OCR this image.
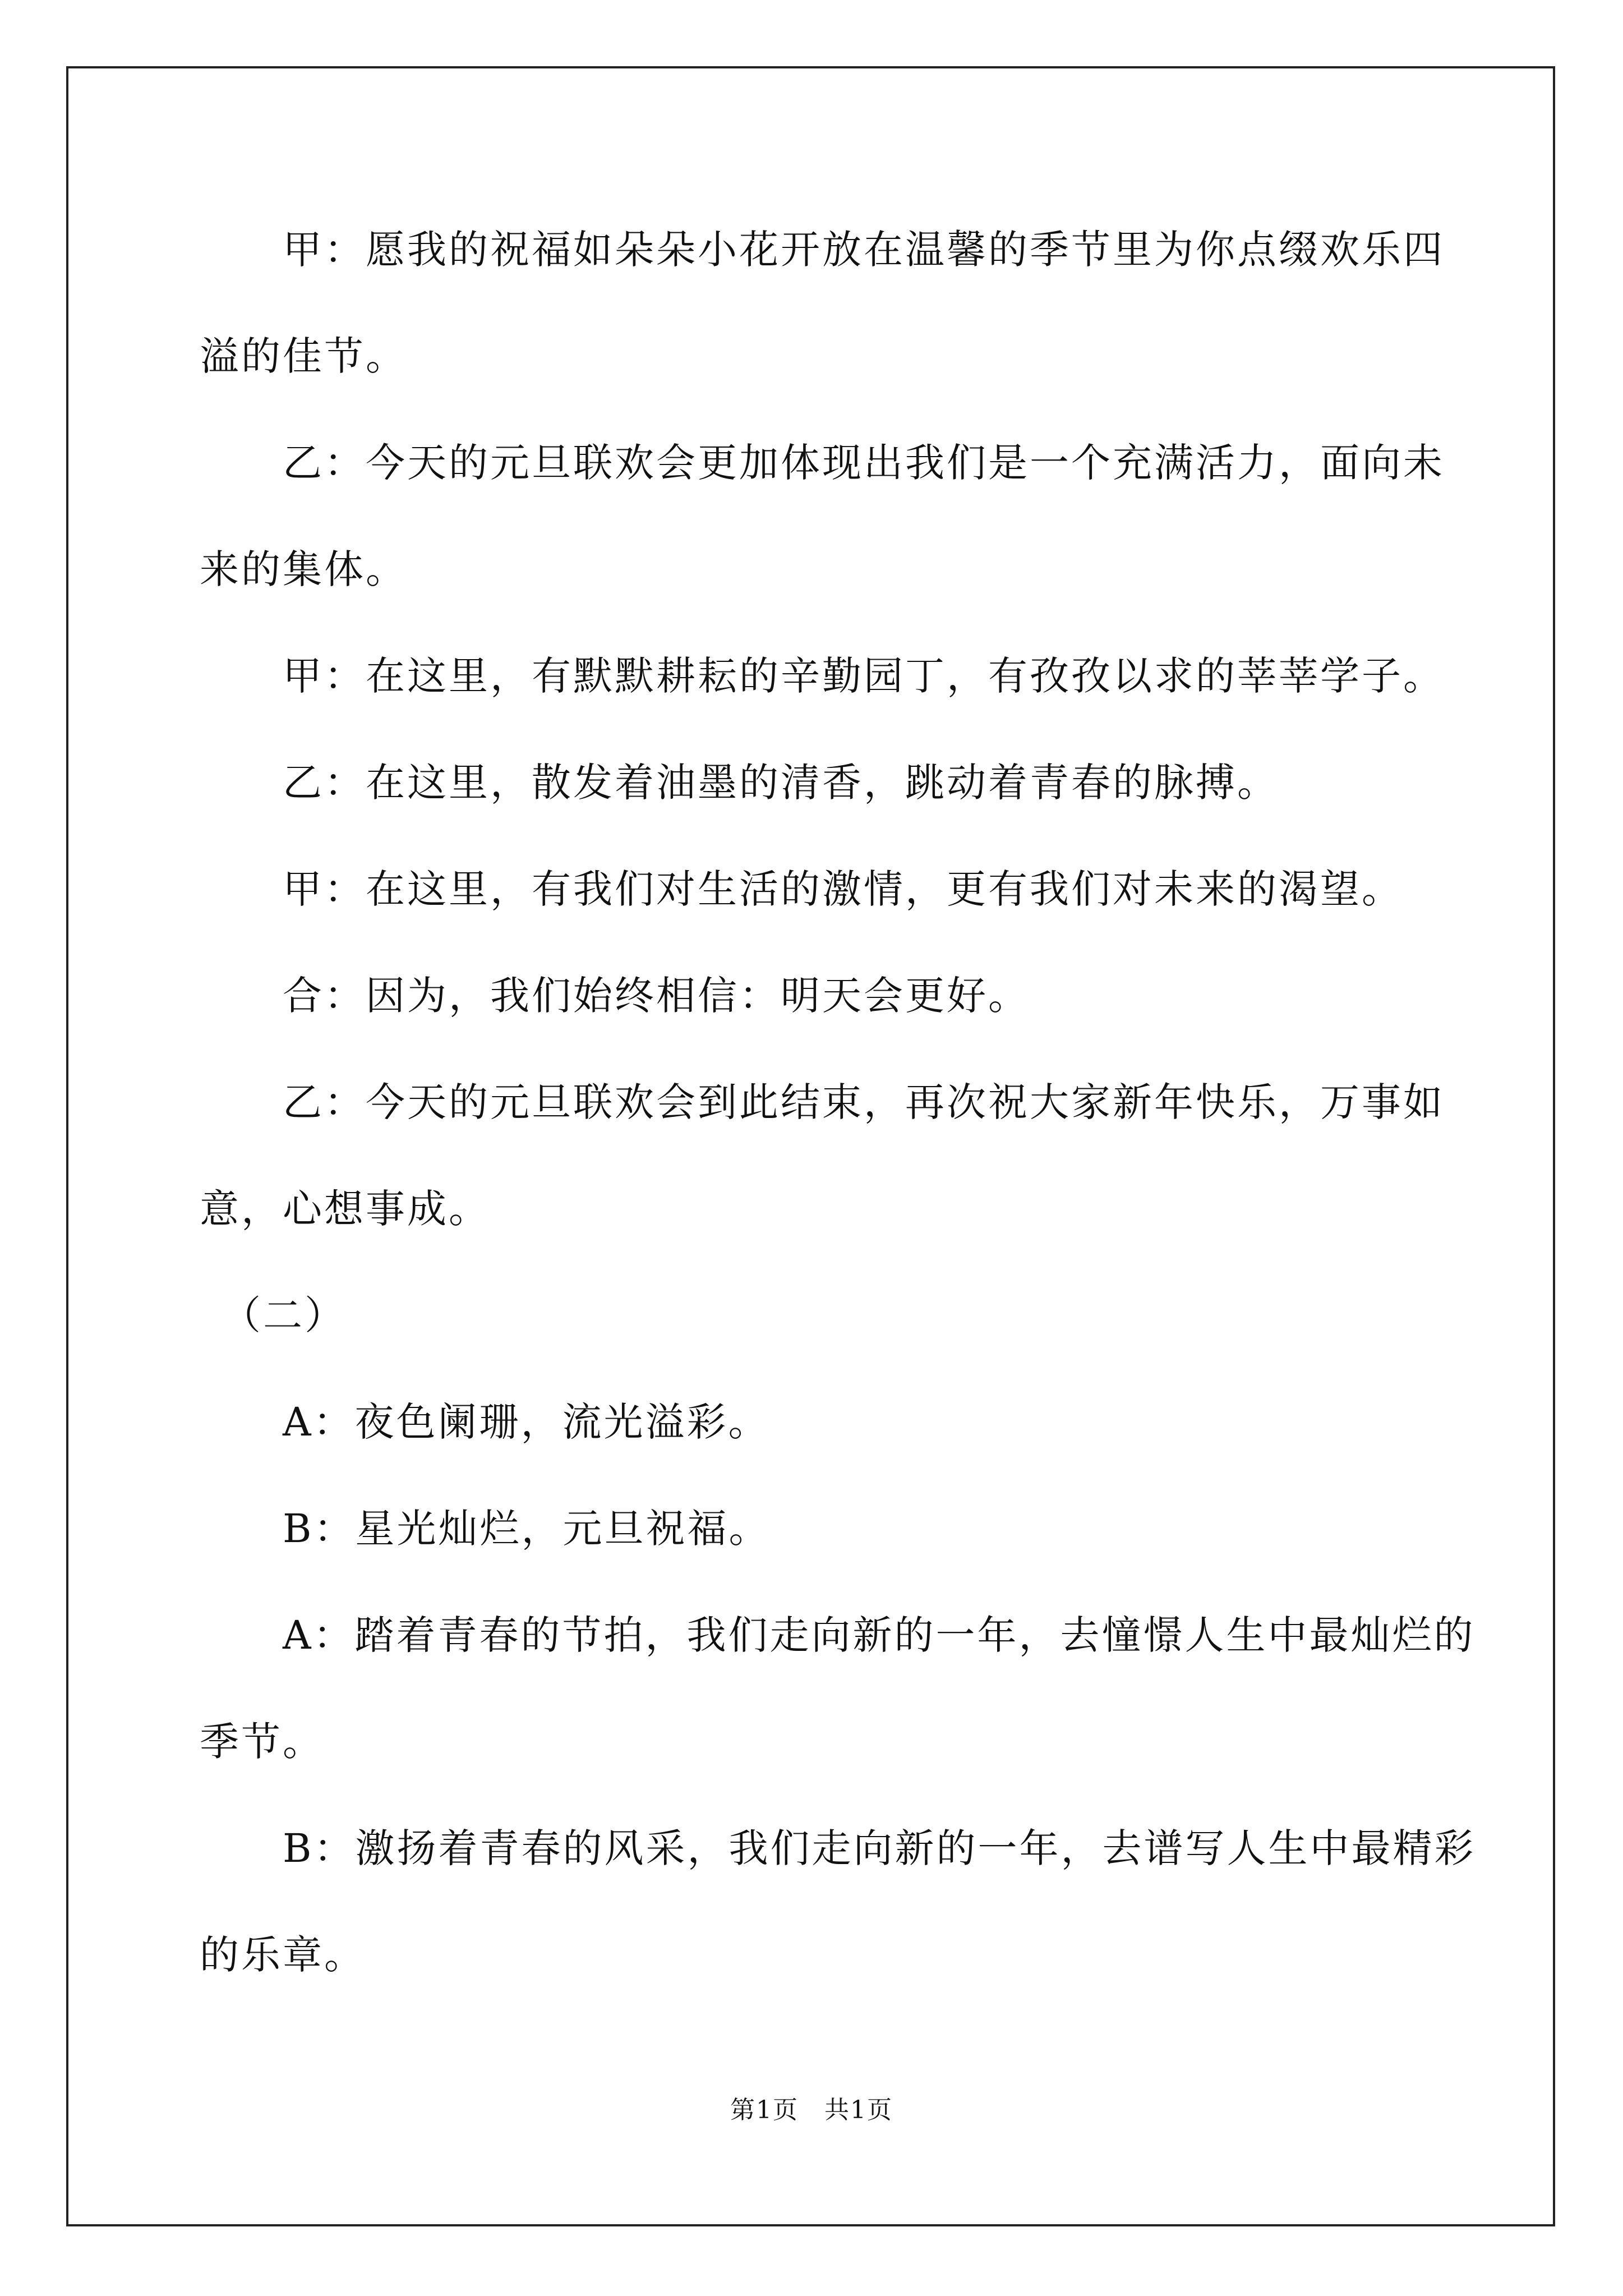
　　甲：愿我的祝福如朵朵小花开放在温馨的季节里为你点缀欢乐四
溢的佳节。
　　乙：今天的元旦联欢会更加体现出我们是一个充满活力，面向未
来的集体。
　　甲：在这里，有默默耕耘的辛勤园丁，有孜孜以求的莘莘学子。
　　乙：在这里，散发着油墨的清香，跳动着青春的脉搏。
　　甲：在这里，有我们对生活的激情，更有我们对未来的渴望。
　　合：因为，我们始终相信：明天会更好。
　　乙：今天的元旦联欢会到此结束，再次祝大家新年快乐，万事如
意，心想事成。
　（二）
　　A：夜色阑珊，流光溢彩。
　　B：星光灿烂，元旦祝福。
　　A：踏着青春的节拍，我们走向新的一年，去憧憬人生中最灿烂的
季节。
　　B：激扬着青春的风采，我们走向新的一年，去谱写人生中最精彩
的乐章。
第1页　共1页
